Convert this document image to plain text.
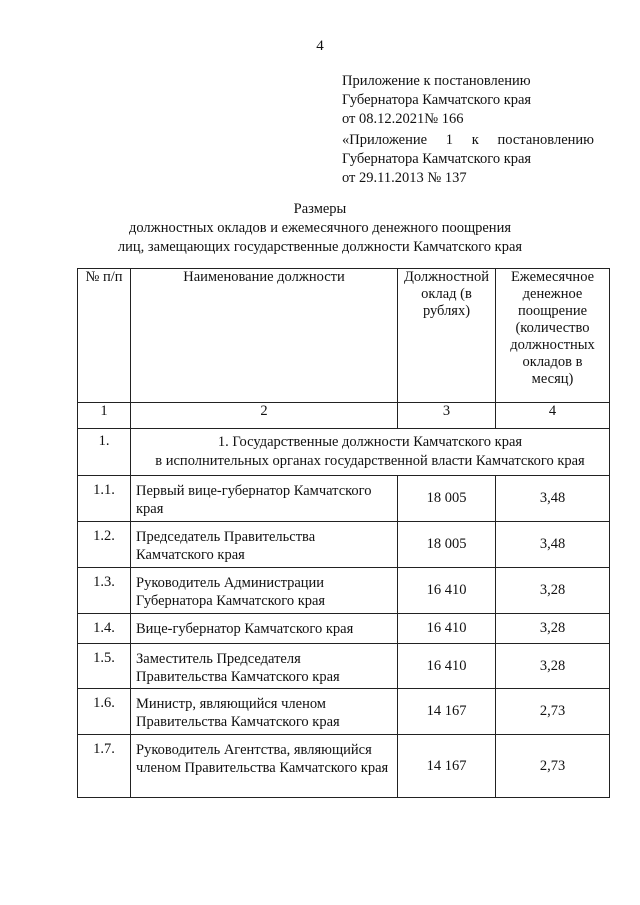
4
Приложение к постановлению
Губернатора Камчатского края
от 08.12.2021№ 166
«Приложение 1 к постановлению
Губернатора Камчатского края
от 29.11.2013 № 137
Размеры
должностных окладов и ежемесячного денежного поощрения
лиц, замещающих государственные должности Камчатского края
№ п/п	Наименование должности	Должностной оклад (в рублях)	Ежемесячное денежное поощрение (количество должностных окладов в месяц)
1	2	3	4
1.	1. Государственные должности Камчатского края
в исполнительных органах государственной власти Камчатского края		

1.1.	Первый вице-губернатор Камчатского края	18 005	3,48
1.2.	Председатель Правительства Камчатского края	18 005	3,48
1.3.	Руководитель Администрации Губернатора Камчатского края	16 410	3,28
1.4.	Вице-губернатор Камчатского края	16 410	3,28
1.5.	Заместитель Председателя Правительства Камчатского края	16 410	3,28
1.6.	Министр, являющийся членом Правительства Камчатского края	14 167	2,73
1.7.	Руководитель Агентства, являющийся членом Правительства Камчатского края	14 167	2,73
